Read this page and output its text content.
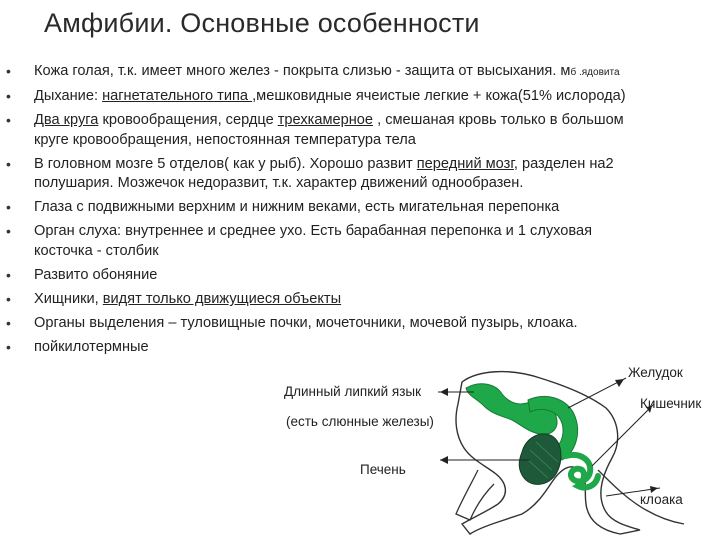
Амфибии. Основные особенности
• Кожа голая, т.к. имеет много желез - покрыта слизью - защита от высыхания. мб .ядовита
• Дыхание: нагнетательного типа ,мешковидные ячеистые легкие + кожа(51% ислорода)
• Два круга кровообращения, сердце трехкамерное , смешаная кровь только в большом
круге кровообращения, непостоянная температура тела
• В головном мозге 5 отделов( как у рыб). Хорошо развит передний мозг, разделен на2
полушария. Мозжечок недоразвит, т.к. характер движений однообразен.
• Глаза с подвижными верхним и нижним веками, есть мигательная перепонка
• Орган слуха: внутреннее и среднее ухо. Есть барабанная перепонка и 1 слуховая
косточка - столбик
• Развито обоняние
• Хищники, видят только движущиеся объекты
• Органы выделения – туловищные почки, мочеточники, мочевой пузырь, клоака.
• пойкилотермные
Длинный липкий язык
(есть слюнные железы)
Печень
Желудок
Кишечник
клоака
